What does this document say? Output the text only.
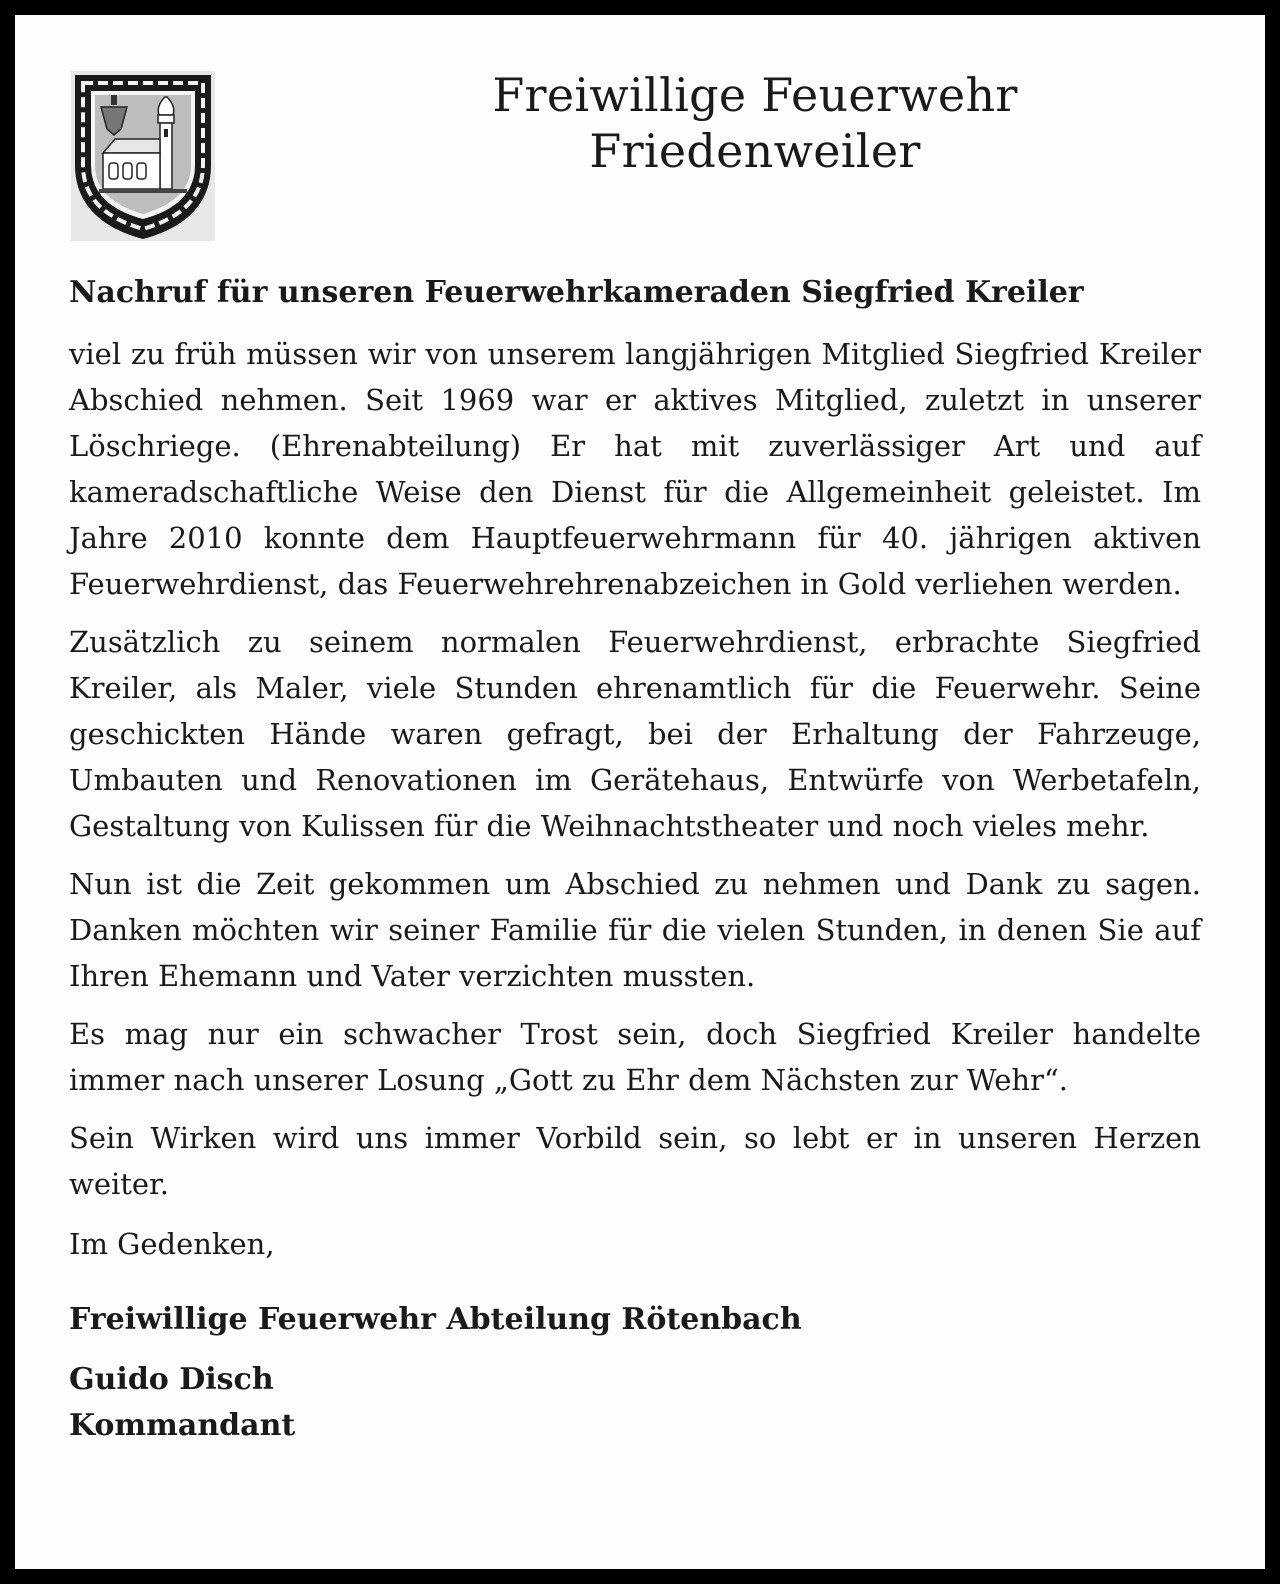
Freiwillige Feuerwehr
Friedenweiler
Nachruf für unseren Feuerwehrkameraden Siegfried Kreiler

viel zu früh müssen wir von unserem langjährigen Mitglied Siegfried Kreiler Abschied nehmen. Seit 1969 war er aktives Mitglied, zuletzt in unserer Löschriege. (Ehrenabteilung) Er hat mit zuverlässiger Art und auf kameradschaftliche Weise den Dienst für die Allgemeinheit geleistet. Im Jahre 2010 konnte dem Hauptfeuerwehrmann für 40. jährigen aktiven Feuerwehrdienst, das Feuerwehrehrenabzeichen in Gold verliehen werden.

Zusätzlich zu seinem normalen Feuerwehrdienst, erbrachte Siegfried Kreiler, als Maler, viele Stunden ehrenamtlich für die Feuerwehr. Seine geschickten Hände waren gefragt, bei der Erhaltung der Fahrzeuge, Umbauten und Renovationen im Gerätehaus, Entwürfe von Werbetafeln, Gestaltung von Kulissen für die Weihnachtstheater und noch vieles mehr.

Nun ist die Zeit gekommen um Abschied zu nehmen und Dank zu sagen. Danken möchten wir seiner Familie für die vielen Stunden, in denen Sie auf Ihren Ehemann und Vater verzichten mussten.

Es mag nur ein schwacher Trost sein, doch Siegfried Kreiler handelte immer nach unserer Losung „Gott zu Ehr dem Nächsten zur Wehr“.

Sein Wirken wird uns immer Vorbild sein, so lebt er in unseren Herzen weiter.

Im Gedenken,
Freiwillige Feuerwehr Abteilung Rötenbach
Guido Disch
Kommandant
